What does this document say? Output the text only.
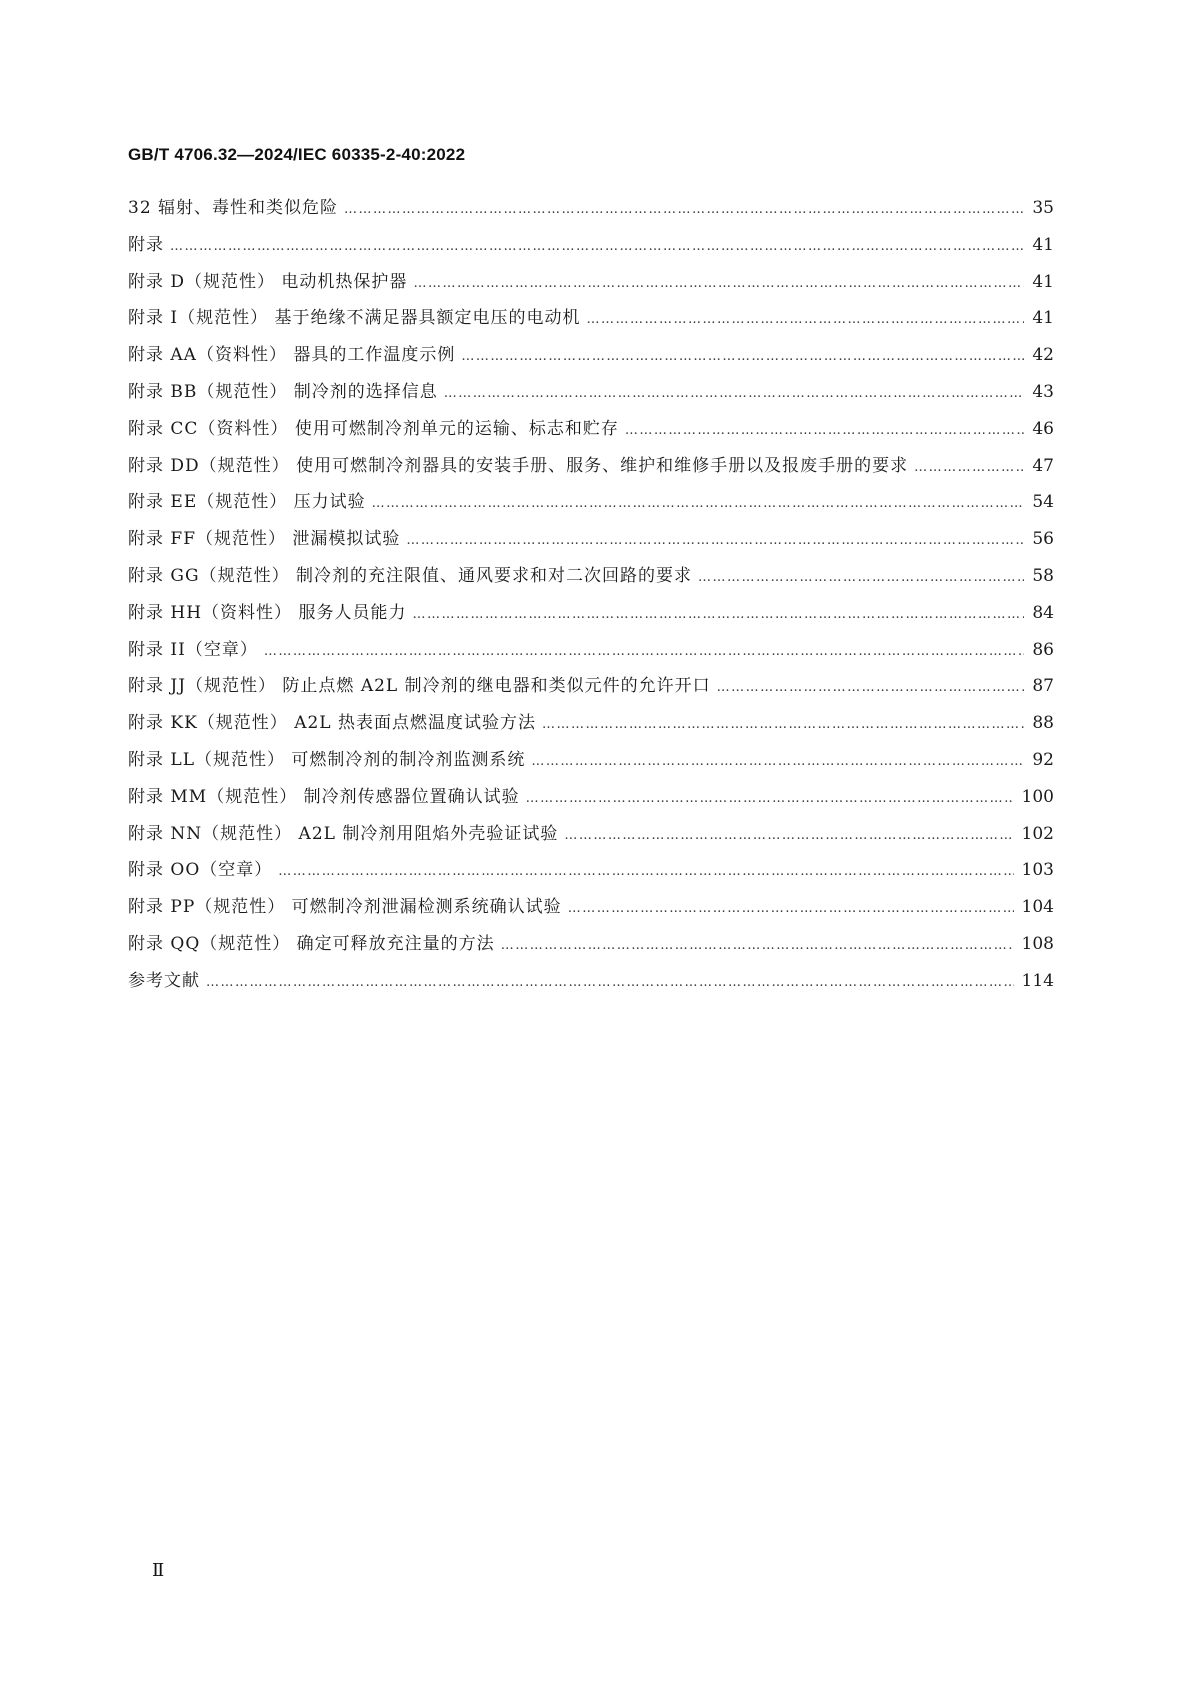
GB/T 4706.32—2024/IEC 60335-2-40:2022
32 辐射、毒性和类似危险 ……………………………………………………………………………………………………………………………………………………………………………………………………	35
附录 ……………………………………………………………………………………………………………………………………………………………………………………………………	41
附录 D（规范性） 电动机热保护器 ……………………………………………………………………………………………………………………………………………………………………………………………………	41
附录 I（规范性） 基于绝缘不满足器具额定电压的电动机 ……………………………………………………………………………………………………………………………………………………………………………………………………	41
附录 AA（资料性） 器具的工作温度示例 ……………………………………………………………………………………………………………………………………………………………………………………………………	42
附录 BB（规范性） 制冷剂的选择信息 ……………………………………………………………………………………………………………………………………………………………………………………………………	43
附录 CC（资料性） 使用可燃制冷剂单元的运输、标志和贮存 ……………………………………………………………………………………………………………………………………………………………………………………………………	46
附录 DD（规范性） 使用可燃制冷剂器具的安装手册、服务、维护和维修手册以及报废手册的要求 ……………………………………………………………………………………………………………………………………………………………………………………………………	47
附录 EE（规范性） 压力试验 ……………………………………………………………………………………………………………………………………………………………………………………………………	54
附录 FF（规范性） 泄漏模拟试验 ……………………………………………………………………………………………………………………………………………………………………………………………………	56
附录 GG（规范性） 制冷剂的充注限值、通风要求和对二次回路的要求 ……………………………………………………………………………………………………………………………………………………………………………………………………	58
附录 HH（资料性） 服务人员能力 ……………………………………………………………………………………………………………………………………………………………………………………………………	84
附录 II（空章） ……………………………………………………………………………………………………………………………………………………………………………………………………	86
附录 JJ（规范性） 防止点燃 A2L 制冷剂的继电器和类似元件的允许开口 ……………………………………………………………………………………………………………………………………………………………………………………………………	87
附录 KK（规范性） A2L 热表面点燃温度试验方法 ……………………………………………………………………………………………………………………………………………………………………………………………………	88
附录 LL（规范性） 可燃制冷剂的制冷剂监测系统 ……………………………………………………………………………………………………………………………………………………………………………………………………	92
附录 MM（规范性） 制冷剂传感器位置确认试验 ……………………………………………………………………………………………………………………………………………………………………………………………………	100
附录 NN（规范性） A2L 制冷剂用阻焰外壳验证试验 ……………………………………………………………………………………………………………………………………………………………………………………………………	102
附录 OO（空章） ……………………………………………………………………………………………………………………………………………………………………………………………………	103
附录 PP（规范性） 可燃制冷剂泄漏检测系统确认试验 ……………………………………………………………………………………………………………………………………………………………………………………………………	104
附录 QQ（规范性） 确定可释放充注量的方法 ……………………………………………………………………………………………………………………………………………………………………………………………………	108
参考文献 ……………………………………………………………………………………………………………………………………………………………………………………………………	114
Ⅱ
